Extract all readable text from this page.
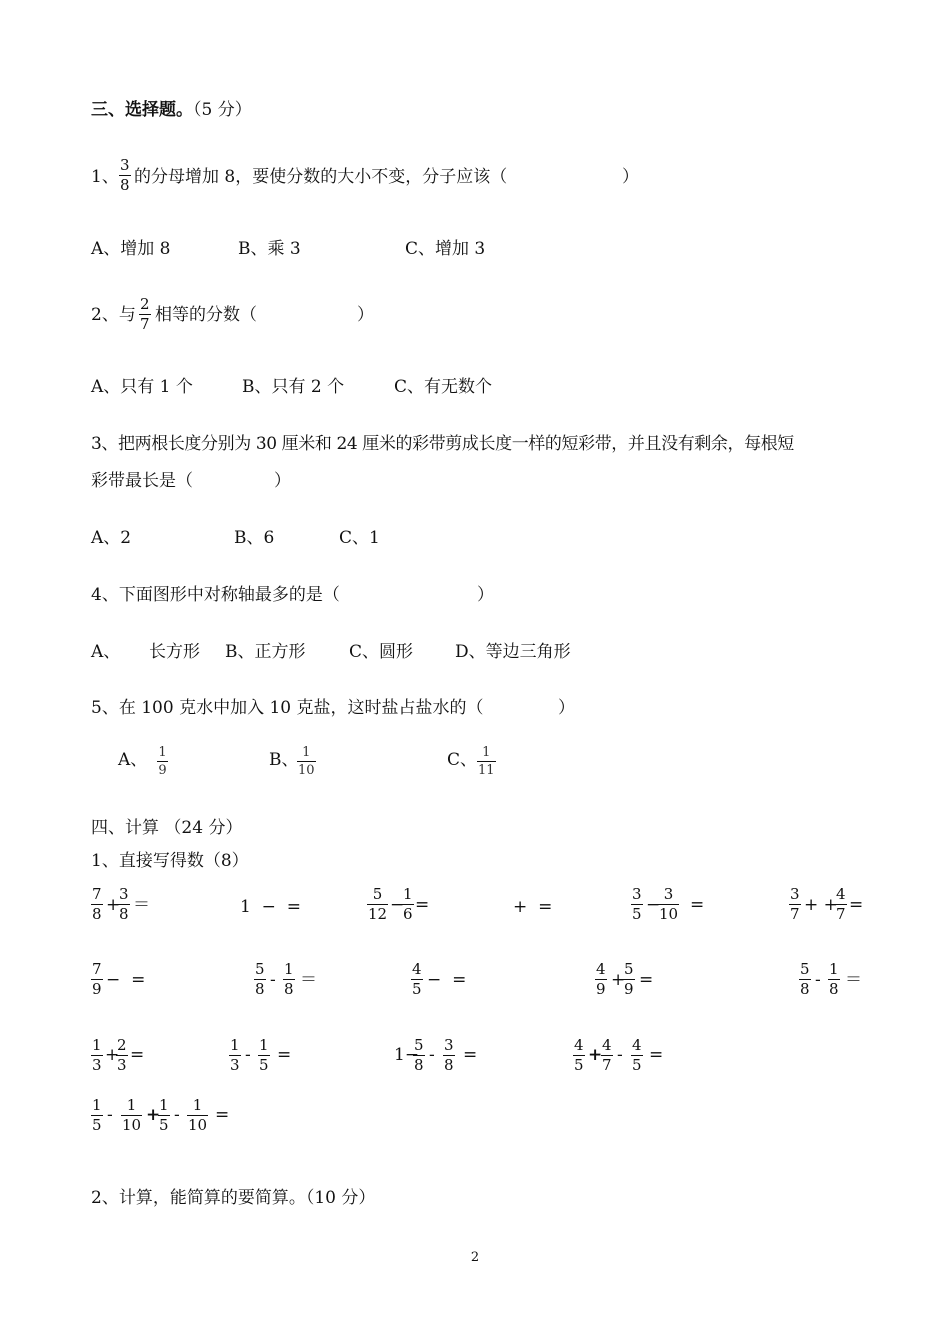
三、选择题。（5 分）
1、
3
8 的分母增加 8，要使分数的大小不变，分子应该（	）
A、增加 8	B、乘 3	C、增加 3
2、与
2
7 相等的分数（	）
A、只有 1 个	B、只有 2 个	C、有无数个
3、把两根长度分别为 30 厘米和 24 厘米的彩带剪成长度一样的短彩带，并且没有剩余，每根短
彩带最长是（	）
A、2	B、6	C、1
4、下面图形中对称轴最多的是（	）
A、 长方形 B、正方形	C、圆形 D、等边三角形
5、在 100 克水中加入 10 克盐，这时盐占盐水的（	）
A、 1
9
B、 1
10
C、 1
11
四、计算 （24 分）
1、直接写得数（8）
7
8 +
3
8 ＝	1 − =
5
12 −
1
6 =	+ =
3
5 −
3
10 =
3
7 + +
4
7 =
7
9 − =
5
8 -
1
8 ＝
4
5 − =
4
9 +
5
9 =
5
8 -
1
8 ＝
1
3 +
2
3 =	1
3 - 1
5 =	1−
5
8 - 3
8 =	4
5 + 4
7 - 4
5 =
1
5 - 1
10 +
1
5 - 1
10 =
2、计算，能简算的要简算。（10 分）
2
